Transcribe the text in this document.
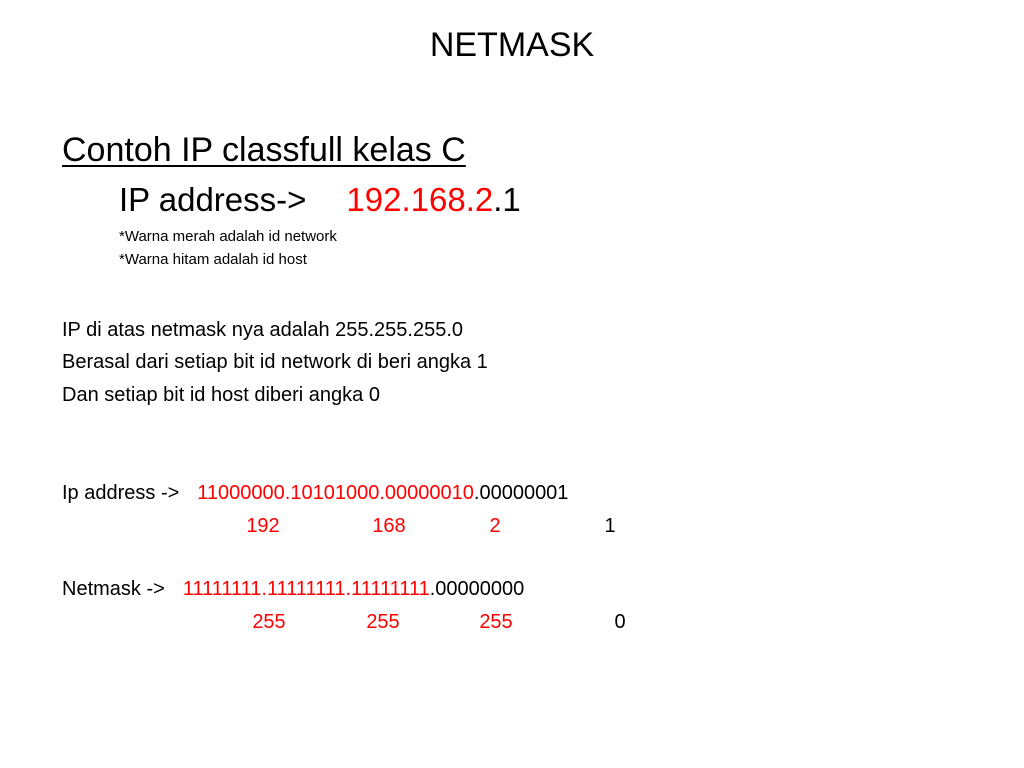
NETMASK
Contoh IP classfull kelas C
IP address-> 192.168.2.1
*Warna merah adalah id network
*Warna hitam adalah id host
IP di atas netmask nya adalah 255.255.255.0
Berasal dari setiap bit id network di beri angka 1
Dan setiap bit id host diberi angka 0
Ip address -> 11000000.10101000.00000010.00000001
192	168	2	1
Netmask -> 11111111.11111111.11111111.00000000
255	255	255	0
